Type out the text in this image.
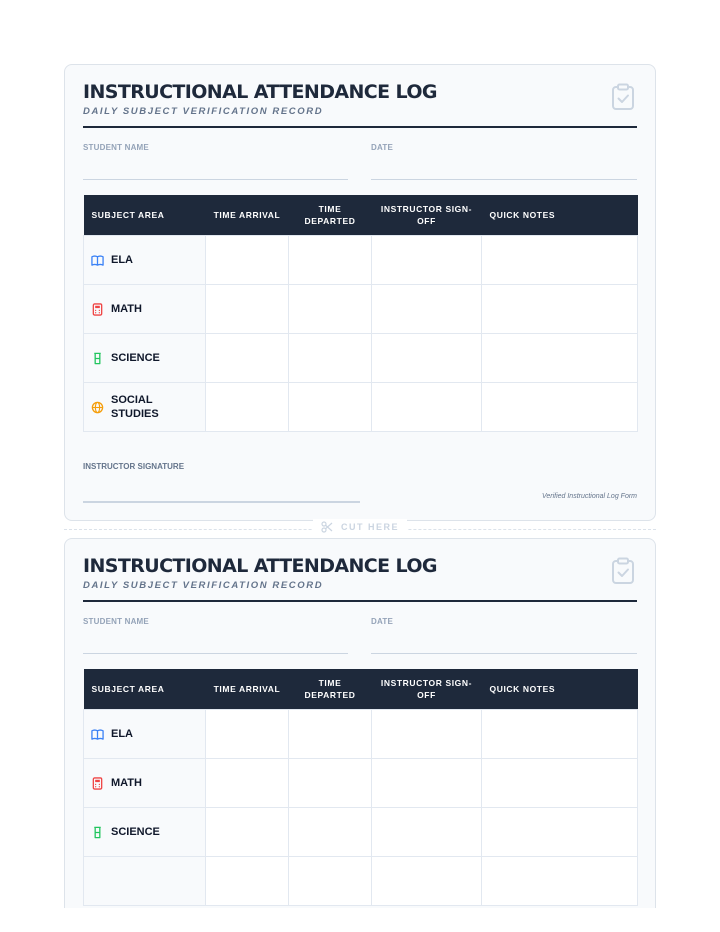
INSTRUCTIONAL ATTENDANCE LOG
DAILY SUBJECT VERIFICATION RECORD
STUDENT NAME	DATE
SUBJECT AREA	TIME ARRIVAL	TIME DEPARTED	INSTRUCTOR SIGN-OFF	QUICK NOTES

ELA				

MATH				

SCIENCE				

SOCIAL STUDIES				

INSTRUCTOR SIGNATURE
Verified Instructional Log Form
CUT HERE
INSTRUCTIONAL ATTENDANCE LOG
DAILY SUBJECT VERIFICATION RECORD
STUDENT NAME	DATE
SUBJECT AREA	TIME ARRIVAL	TIME DEPARTED	INSTRUCTOR SIGN-OFF	QUICK NOTES

ELA				

MATH				

SCIENCE				
